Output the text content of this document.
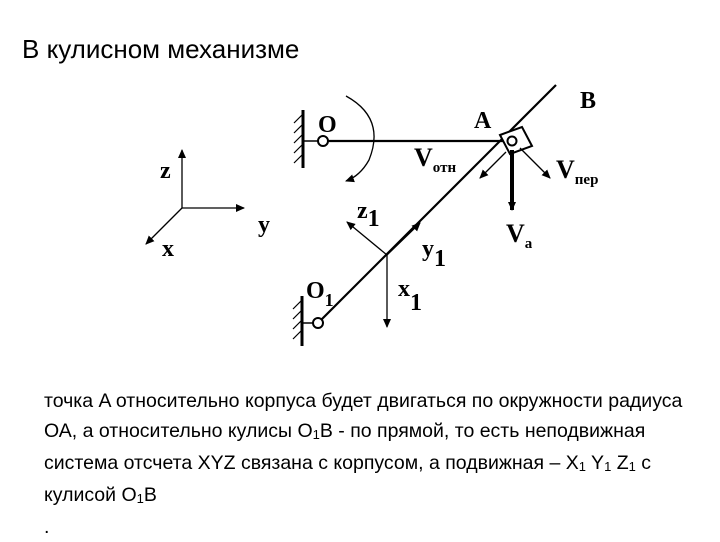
В кулисном механизме
z
y
x
O	A
B
$V_{отн}$	$V_{пер}$
$V_a$
z1
y1
x1
$O_1$
точка A относительно корпуса будет двигаться по окружности радиуса ОА, а относительно кулисы $O_1B$ - по прямой, то есть неподвижная система отсчета XYZ связана с корпусом, а подвижная – $X_1$ $Y_1$ $Z_1$ с кулисой $O_1B$
.
